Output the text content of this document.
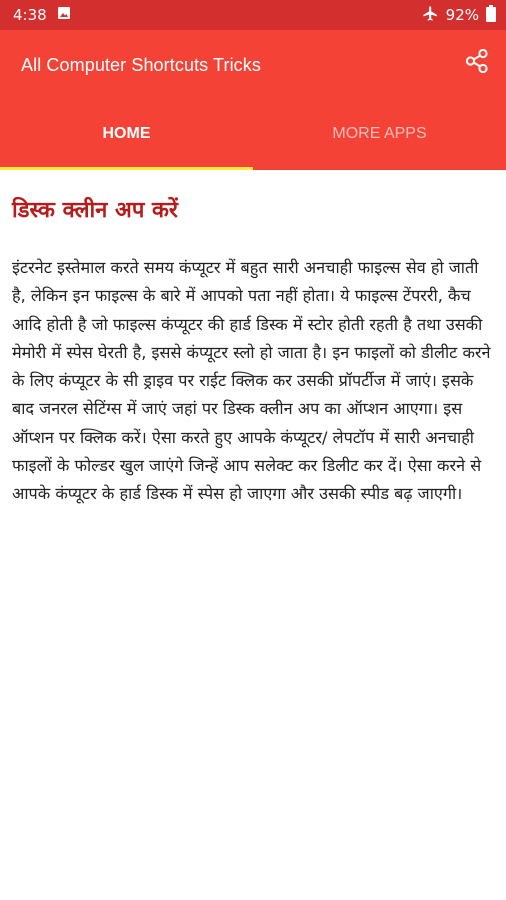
4:38	92%
All Computer Shortcuts Tricks
HOME	MORE APPS
डिस्क क्लीन अप करें
इंटरनेट इस्तेमाल करते समय कंप्यूटर में बहुत सारी अनचाही फाइल्स सेव हो जाती है, लेकिन इन फाइल्स के बारे में आपको पता नहीं होता। ये फाइल्स टेंपररी, कैच आदि होती है जो फाइल्स कंप्यूटर की हार्ड डिस्क में स्टोर होती रहती है तथा उसकी मेमोरी में स्पेस घेरती है, इससे कंप्यूटर स्लो हो जाता है। इन फाइलों को डीलीट करने के लिए कंप्यूटर के सी ड्राइव पर राईट क्लिक कर उसकी प्रॉपर्टीज में जाएं। इसके बाद जनरल सेटिंग्स में जाएं जहां पर डिस्क क्लीन अप का ऑप्शन आएगा। इस ऑप्शन पर क्लिक करें। ऐसा करते हुए आपके कंप्यूटर/ लेपटॉप में सारी अनचाही फाइलों के फोल्डर खुल जाएंगे जिन्हें आप सलेक्ट कर डिलीट कर दें। ऐसा करने से आपके कंप्यूटर के हार्ड डिस्क में स्पेस हो जाएगा और उसकी स्पीड बढ़ जाएगी।
